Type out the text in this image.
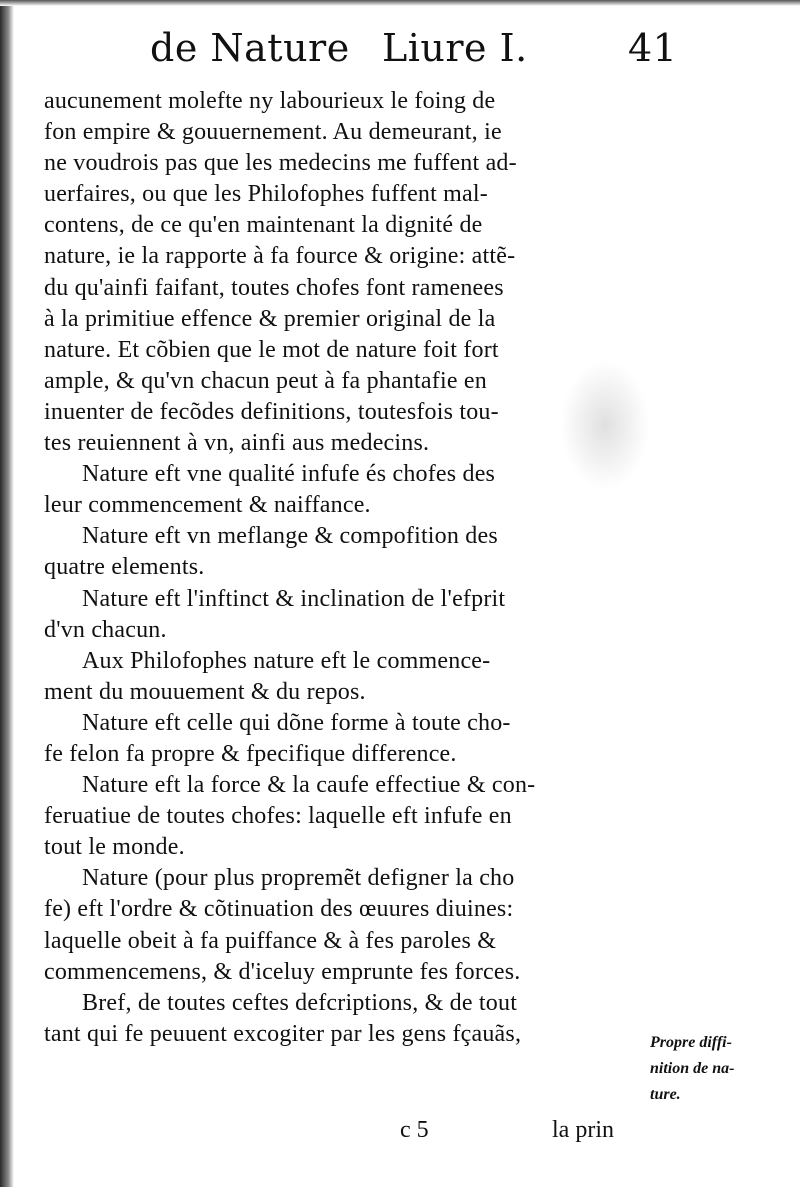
de Nature Liure I.	41
aucunement molefte ny labourieux le foing de
fon empire & gouuernement. Au demeurant, ie
ne voudrois pas que les medecins me fuffent ad-
uerfaires, ou que les Philofophes fuffent mal-
contens, de ce qu'en maintenant la dignité de
nature, ie la rapporte à fa fource & origine: attẽ-
du qu'ainfi faifant, toutes chofes font ramenees
à la primitiue effence & premier original de la
nature. Et cõbien que le mot de nature foit fort
ample, & qu'vn chacun peut à fa phantafie en
inuenter de fecõdes definitions, toutesfois tou-
tes reuiennent à vn, ainfi aus medecins.
Nature eft vne qualité infufe és chofes des
leur commencement & naiffance.
Nature eft vn meflange & compofition des
quatre elements.
Nature eft l'inftinct & inclination de l'efprit
d'vn chacun.
Aux Philofophes nature eft le commence-
ment du mouuement & du repos.
Nature eft celle qui dõne forme à toute cho-
fe felon fa propre & fpecifique difference.
Nature eft la force & la caufe effectiue & con-
feruatiue de toutes chofes: laquelle eft infufe en
tout le monde.
Nature (pour plus propremẽt defigner la cho
fe) eft l'ordre & cõtinuation des œuures diuines:
laquelle obeit à fa puiffance & à fes paroles &
commencemens, & d'iceluy emprunte fes forces.
Bref, de toutes ceftes defcriptions, & de tout
tant qui fe peuuent excogiter par les gens fçauãs,	Propre diffi-
nition de na-
ture.
c 5	la prin
